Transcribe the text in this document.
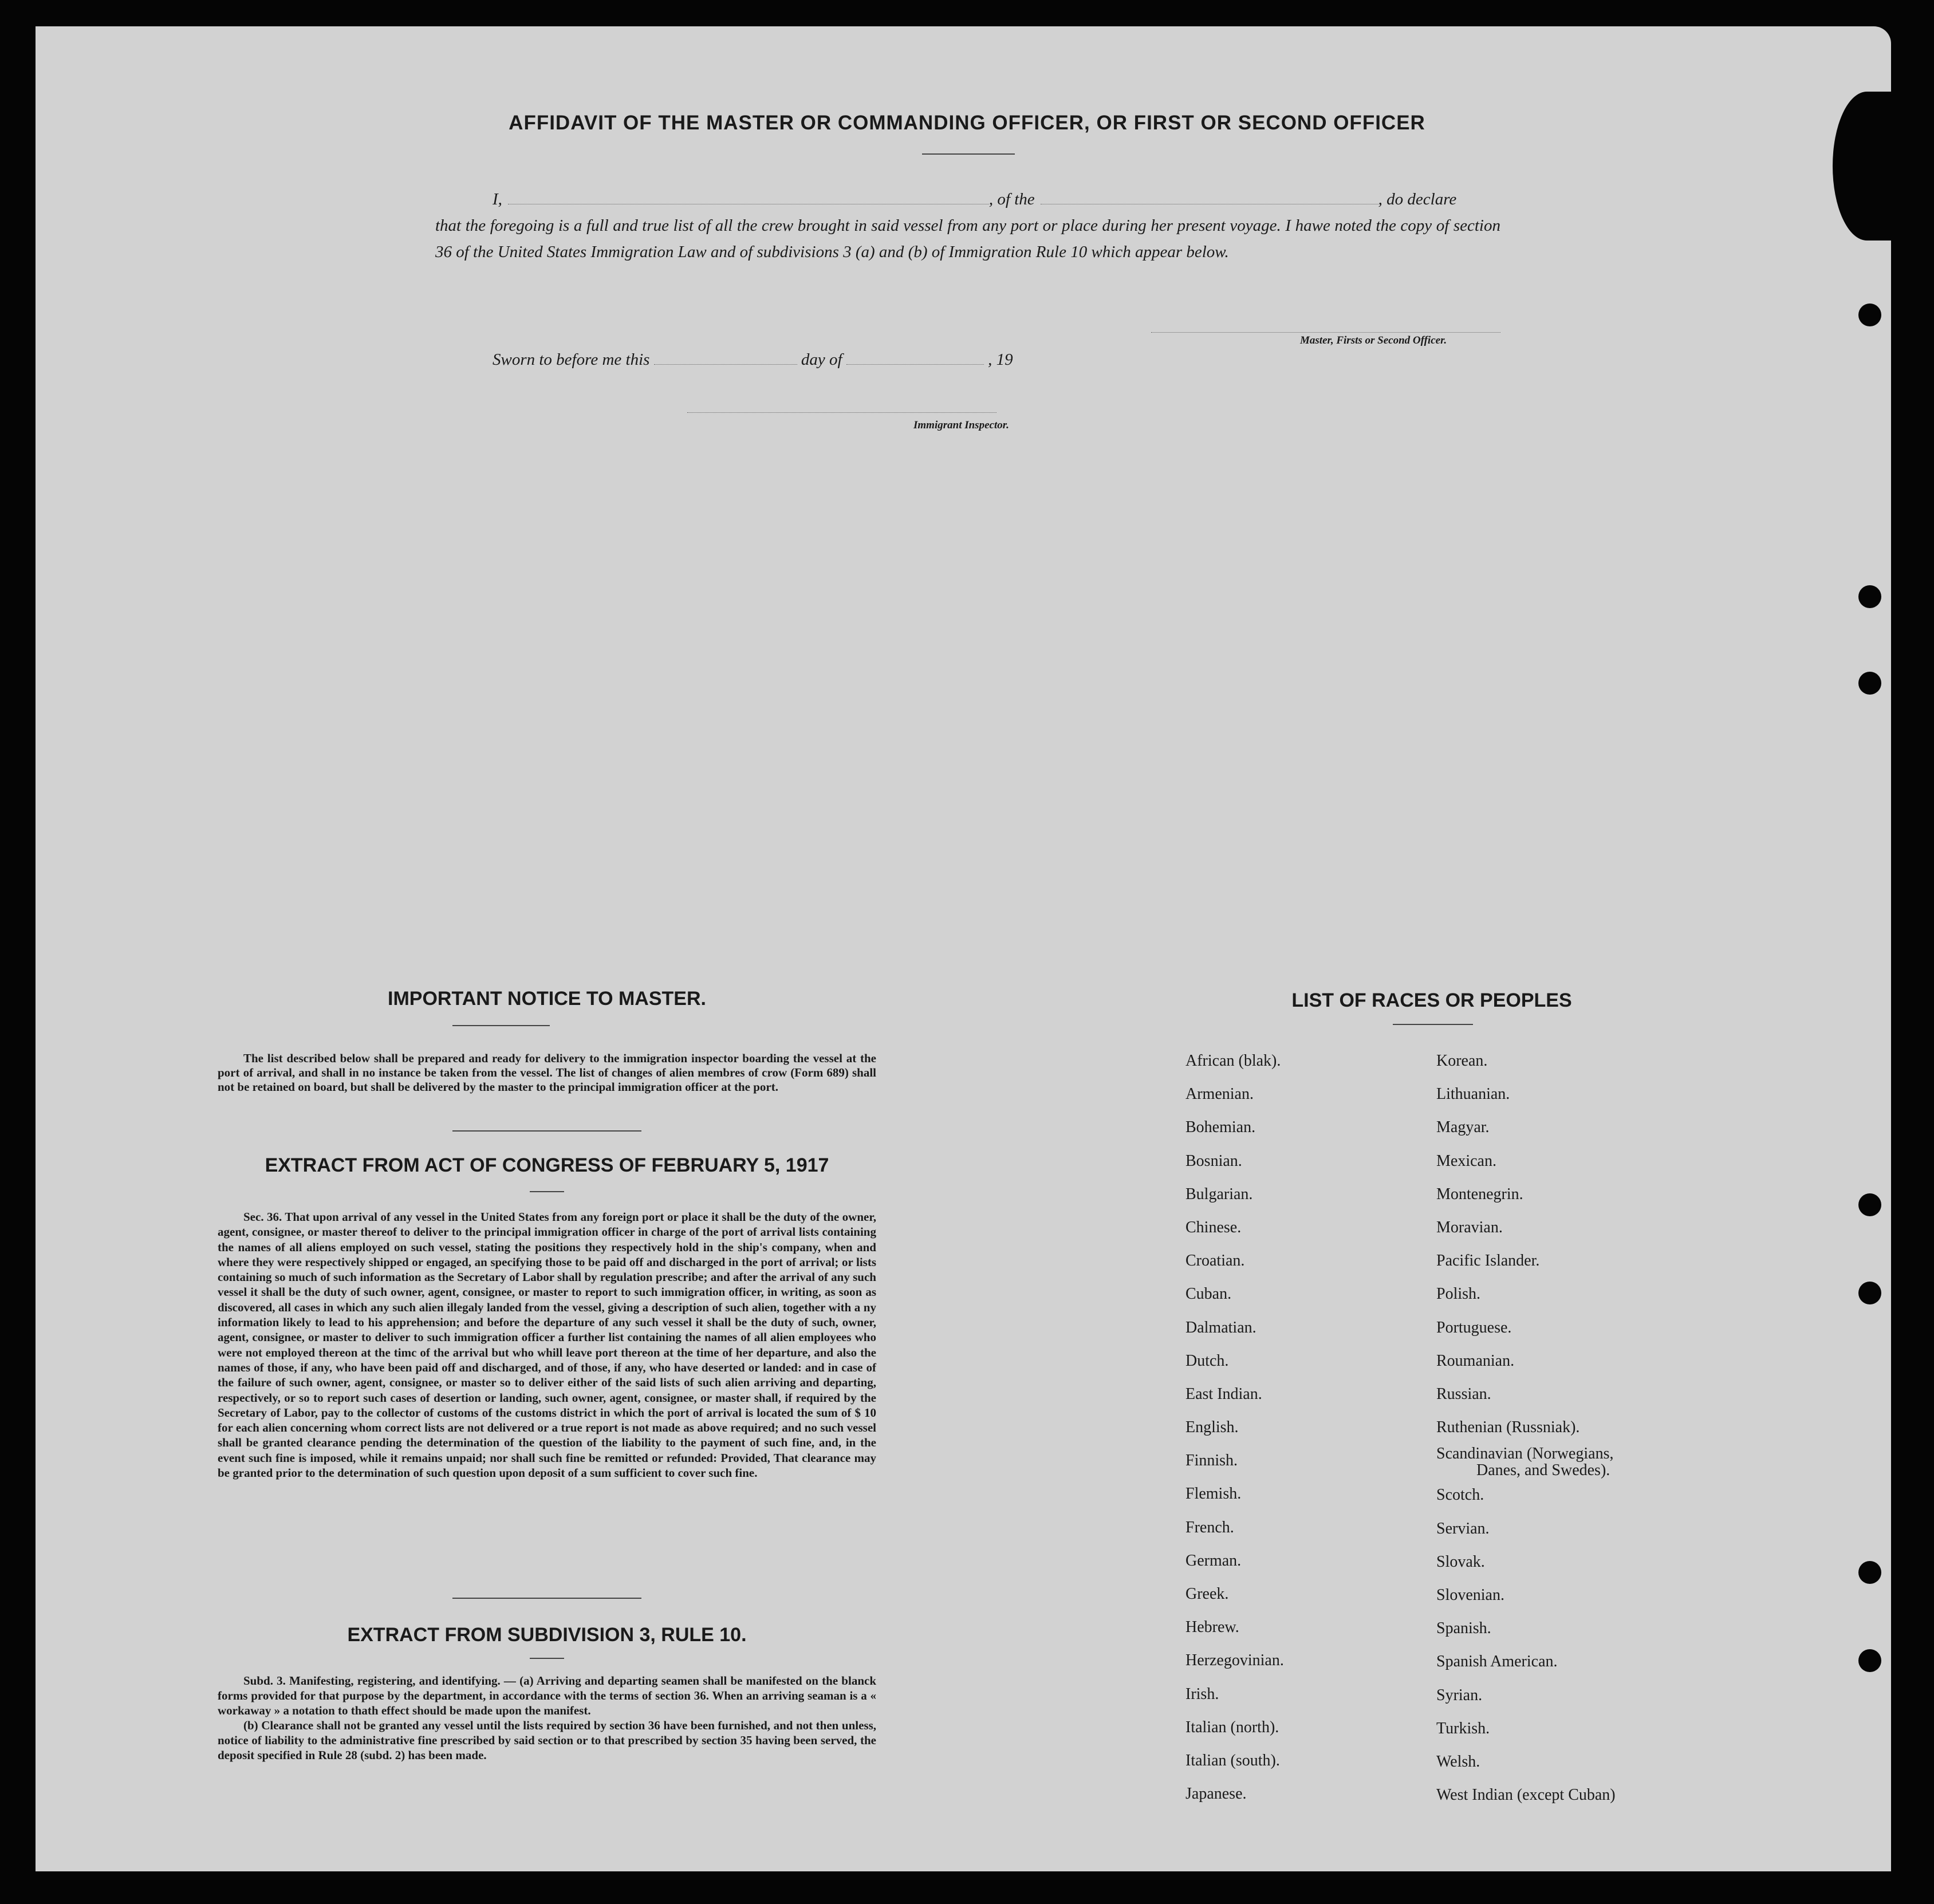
AFFIDAVIT OF THE MASTER OR COMMANDING OFFICER, OR FIRST OR SECOND OFFICER
I,	, of the	, do declare
that the foregoing is a full and true list of all the crew brought in said vessel from any port or place during her present voyage. I hawe noted the copy of section 36 of the United States Immigration Law and of subdivisions 3 (a) and (b) of Immigration Rule 10 which appear below.
Master, Firsts or Second Officer.
Sworn to before me this	day of	, 19
Immigrant Inspector.
IMPORTANT NOTICE TO MASTER.
The list described below shall be prepared and ready for delivery to the immigration inspector boarding the vessel at the port of arrival, and shall in no instance be taken from the vessel. The list of changes of alien membres of crow (Form 689) shall not be retained on board, but shall be delivered by the master to the principal immigration officer at the port.
EXTRACT FROM ACT OF CONGRESS OF FEBRUARY 5, 1917
Sec. 36. That upon arrival of any vessel in the United States from any foreign port or place it shall be the duty of the owner, agent, consignee, or master thereof to deliver to the principal immigration officer in charge of the port of arrival lists containing the names of all aliens employed on such vessel, stating the positions they respectively hold in the ship's company, when and where they were respectively shipped or engaged, an specifying those to be paid off and discharged in the port of arrival; or lists containing so much of such information as the Secretary of Labor shall by regulation prescribe; and after the arrival of any such vessel it shall be the duty of such owner, agent, consignee, or master to report to such immigration officer, in writing, as soon as discovered, all cases in which any such alien illegaly landed from the vessel, giving a description of such alien, together with a ny information likely to lead to his apprehension; and before the departure of any such vessel it shall be the duty of such, owner, agent, consignee, or master to deliver to such immigration officer a further list containing the names of all alien employees who were not employed thereon at the timc of the arrival but who whill leave port thereon at the time of her departure, and also the names of those, if any, who have been paid off and discharged, and of those, if any, who have deserted or landed: and in case of the failure of such owner, agent, consignee, or master so to deliver either of the said lists of such alien arriving and departing, respectively, or so to report such cases of desertion or landing, such owner, agent, consignee, or master shall, if required by the Secretary of Labor, pay to the collector of customs of the customs district in which the port of arrival is located the sum of $ 10 for each alien concerning whom correct lists are not delivered or a true report is not made as above required; and no such vessel shall be granted clearance pending the determination of the question of the liability to the payment of such fine, and, in the event such fine is imposed, while it remains unpaid; nor shall such fine be remitted or refunded: Provided, That clearance may be granted prior to the determination of such question upon deposit of a sum sufficient to cover such fine.
EXTRACT FROM SUBDIVISION 3, RULE 10.

Subd. 3. Manifesting, registering, and identifying. — (a) Arriving and departing seamen shall be manifested on the blanck forms provided for that purpose by the department, in accordance with the terms of section 36. When an arriving seaman is a « workaway » a notation to thath effect should be made upon the manifest.

(b) Clearance shall not be granted any vessel until the lists required by section 36 have been furnished, and not then unless, notice of liability to the administrative fine prescribed by said section or to that prescribed by section 35 having been served, the deposit specified in Rule 28 (subd. 2) has been made.

LIST OF RACES OR PEOPLES
African (blak).
Armenian.
Bohemian.
Bosnian.
Bulgarian.
Chinese.
Croatian.
Cuban.
Dalmatian.
Dutch.
East Indian.
English.
Finnish.
Flemish.
French.
German.
Greek.
Hebrew.
Herzegovinian.
Irish.
Italian (north).
Italian (south).
Japanese.
Korean.
Lithuanian.
Magyar.
Mexican.
Montenegrin.
Moravian.
Pacific Islander.
Polish.
Portuguese.
Roumanian.
Russian.
Ruthenian (Russniak).
Scandinavian (Norwegians,
Danes, and Swedes).
Scotch.
Servian.
Slovak.
Slovenian.
Spanish.
Spanish American.
Syrian.
Turkish.
Welsh.
West Indian (except Cuban)
